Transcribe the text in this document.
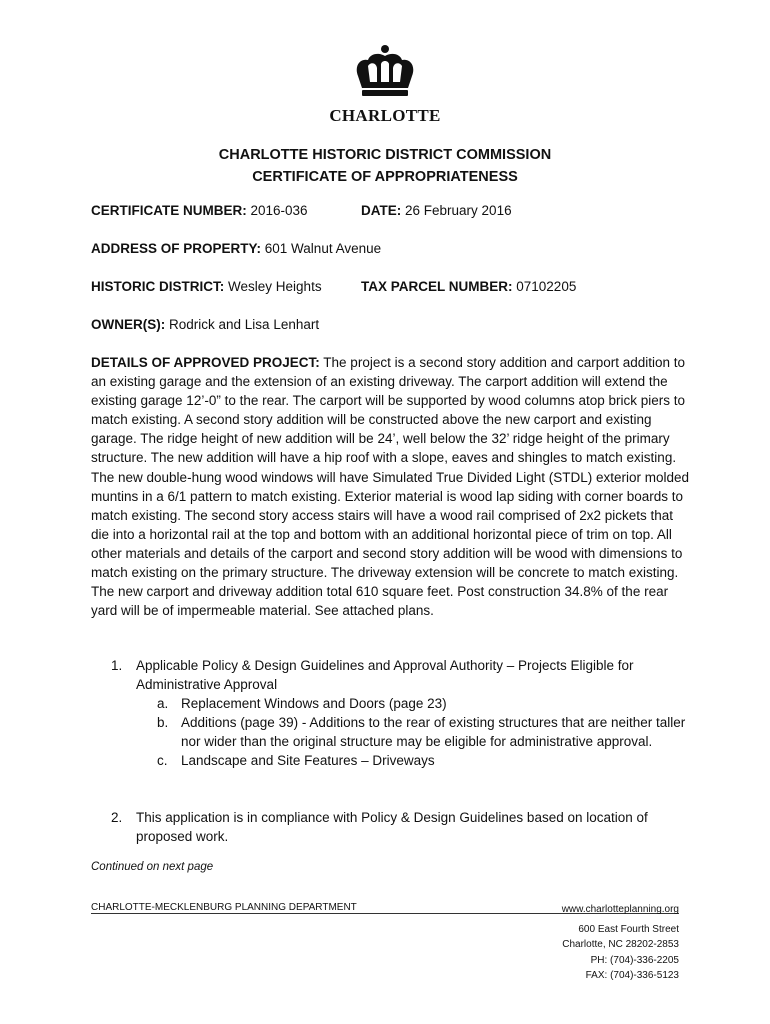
CHARLOTTE
CHARLOTTE HISTORIC DISTRICT COMMISSION
CERTIFICATE OF APPROPRIATENESS
CERTIFICATE NUMBER: 2016-036	DATE: 26 February 2016
ADDRESS OF PROPERTY: 601 Walnut Avenue
HISTORIC DISTRICT: Wesley Heights	TAX PARCEL NUMBER: 07102205
OWNER(S): Rodrick and Lisa Lenhart
DETAILS OF APPROVED PROJECT: The project is a second story addition and carport addition to an existing garage and the extension of an existing driveway. The carport addition will extend the existing garage 12’-0” to the rear. The carport will be supported by wood columns atop brick piers to match existing. A second story addition will be constructed above the new carport and existing garage. The ridge height of new addition will be 24’, well below the 32’ ridge height of the primary structure. The new addition will have a hip roof with a slope, eaves and shingles to match existing. The new double-hung wood windows will have Simulated True Divided Light (STDL) exterior molded muntins in a 6/1 pattern to match existing. Exterior material is wood lap siding with corner boards to match existing. The second story access stairs will have a wood rail comprised of 2x2 pickets that die into a horizontal rail at the top and bottom with an additional horizontal piece of trim on top. All other materials and details of the carport and second story addition will be wood with dimensions to match existing on the primary structure. The driveway extension will be concrete to match existing. The new carport and driveway addition total 610 square feet. Post construction 34.8% of the rear yard will be of impermeable material. See attached plans.
1. Applicable Policy & Design Guidelines and Approval Authority – Projects Eligible for Administrative Approval
a. Replacement Windows and Doors (page 23)
b. Additions (page 39) - Additions to the rear of existing structures that are neither taller nor wider than the original structure may be eligible for administrative approval.
c. Landscape and Site Features – Driveways
2. This application is in compliance with Policy & Design Guidelines based on location of proposed work.
Continued on next page
CHARLOTTE-MECKLENBURG PLANNING DEPARTMENT	www.charlotteplanning.org
600 East Fourth Street
Charlotte, NC 28202-2853
PH: (704)-336-2205
FAX: (704)-336-5123
